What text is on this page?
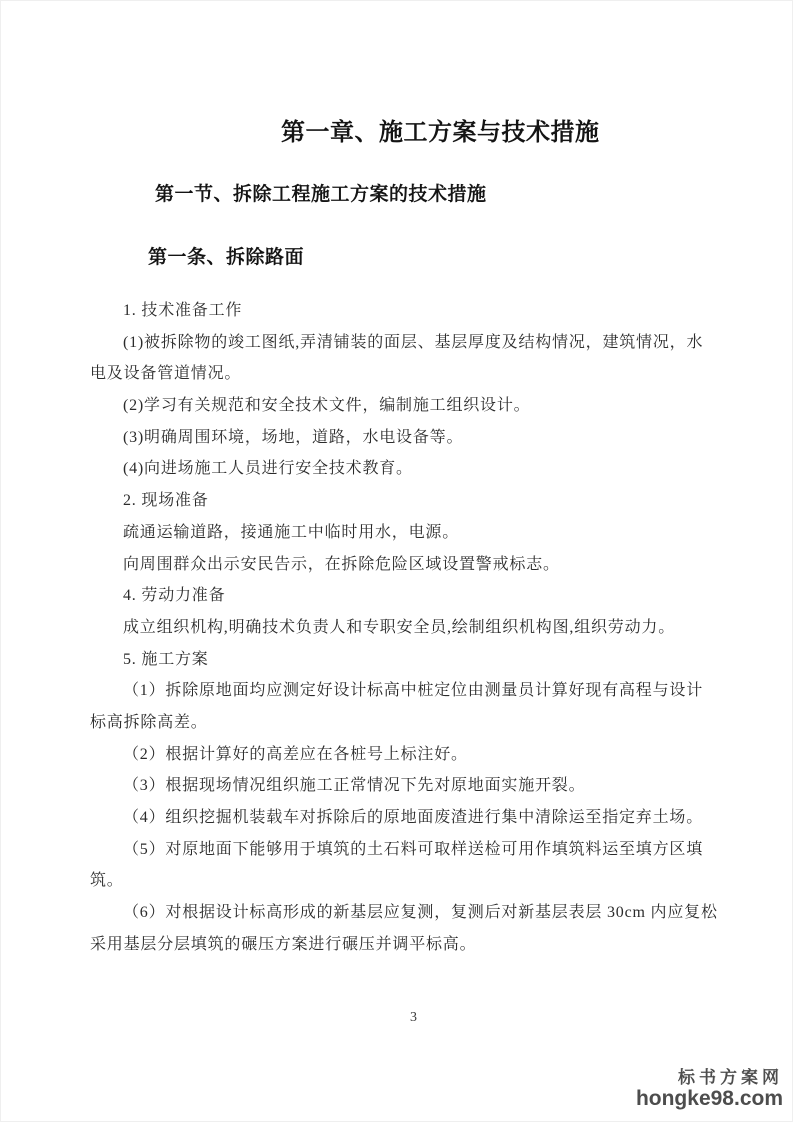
第一章、施工方案与技术措施
第一节、拆除工程施工方案的技术措施
第一条、拆除路面
1. 技术准备工作
(1)被拆除物的竣工图纸,弄清铺装的面层、基层厚度及结构情况，建筑情况，水
电及设备管道情况。
(2)学习有关规范和安全技术文件，编制施工组织设计。
(3)明确周围环境，场地，道路，水电设备等。
(4)向进场施工人员进行安全技术教育。
2. 现场准备
疏通运输道路，接通施工中临时用水，电源。
向周围群众出示安民告示，在拆除危险区域设置警戒标志。
4. 劳动力准备
成立组织机构,明确技术负责人和专职安全员,绘制组织机构图,组织劳动力。
5. 施工方案
（1）拆除原地面均应测定好设计标高中桩定位由测量员计算好现有高程与设计
标高拆除高差。
（2）根据计算好的高差应在各桩号上标注好。
（3）根据现场情况组织施工正常情况下先对原地面实施开裂。
（4）组织挖掘机装载车对拆除后的原地面废渣进行集中清除运至指定弃土场。
（5）对原地面下能够用于填筑的土石料可取样送检可用作填筑料运至填方区填
筑。
（6）对根据设计标高形成的新基层应复测，复测后对新基层表层 30cm 内应复松
采用基层分层填筑的碾压方案进行碾压并调平标高。
3
标书方案网
hongke98.com
